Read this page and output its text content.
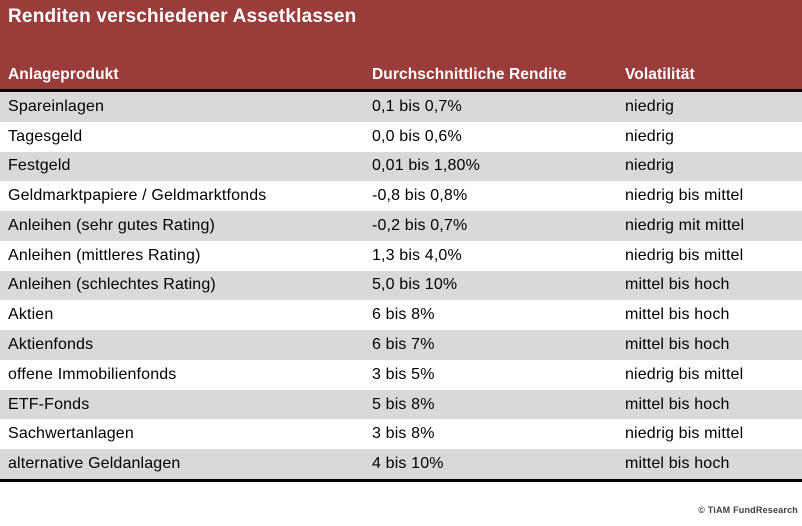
Renditen verschiedener Assetklassen
Anlageprodukt	Durchschnittliche Rendite	Volatilität
Spareinlagen	0,1 bis 0,7%	niedrig
Tagesgeld	0,0 bis 0,6%	niedrig
Festgeld	0,01 bis 1,80%	niedrig
Geldmarktpapiere / Geldmarktfonds	-0,8 bis 0,8%	niedrig bis mittel
Anleihen (sehr gutes Rating)	-0,2 bis 0,7%	niedrig mit mittel
Anleihen (mittleres Rating)	1,3 bis 4,0%	niedrig bis mittel
Anleihen (schlechtes Rating)	5,0 bis 10%	mittel bis hoch
Aktien	6 bis 8%	mittel bis hoch
Aktienfonds	6 bis 7%	mittel bis hoch
offene Immobilienfonds	3 bis 5%	niedrig bis mittel
ETF-Fonds	5 bis 8%	mittel bis hoch
Sachwertanlagen	3 bis 8%	niedrig bis mittel
alternative Geldanlagen	4 bis 10%	mittel bis hoch
© TiAM FundResearch
